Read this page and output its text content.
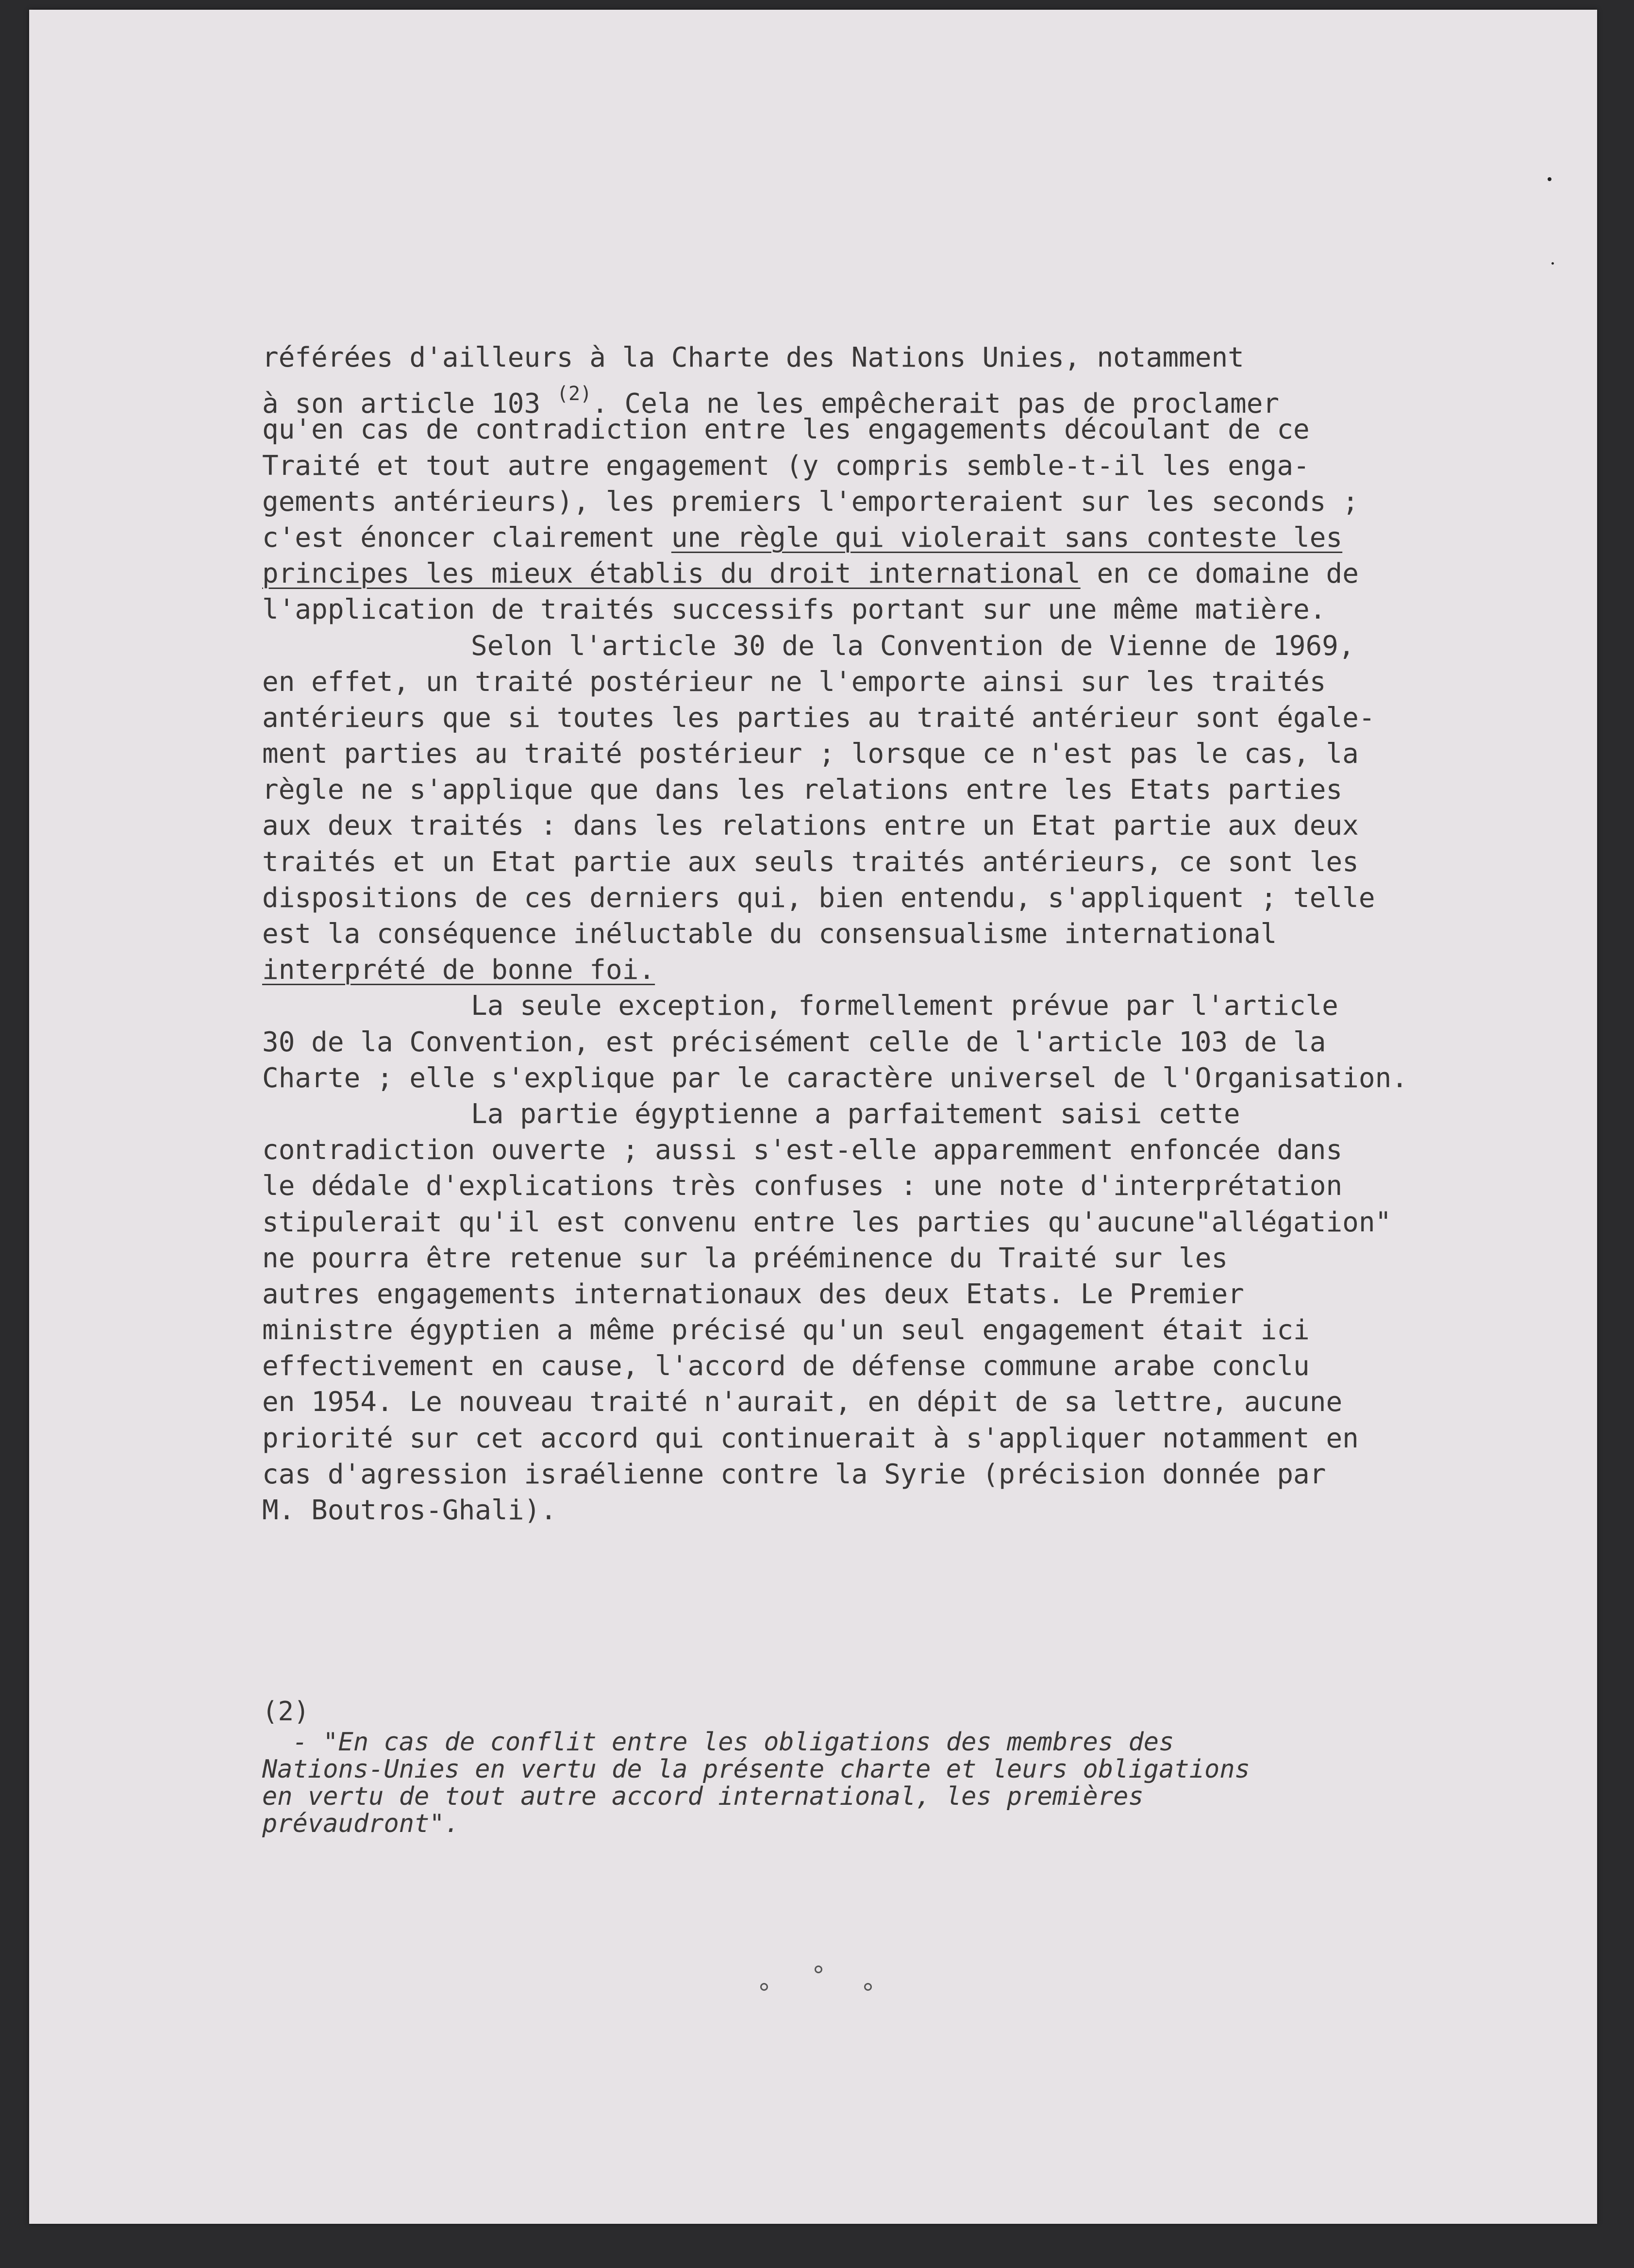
référées d'ailleurs à la Charte des Nations Unies, notamment
à son article 103 $^{(2)}$. Cela ne les empêcherait pas de proclamer
qu'en cas de contradiction entre les engagements découlant de ce
Traité et tout autre engagement (y compris semble-t-il les enga-
gements antérieurs), les premiers l'emporteraient sur les seconds ;
c'est énoncer clairement une règle qui violerait sans conteste les
principes les mieux établis du droit international en ce domaine de
l'application de traités successifs portant sur une même matière.
Selon l'article 30 de la Convention de Vienne de 1969,
en effet, un traité postérieur ne l'emporte ainsi sur les traités
antérieurs que si toutes les parties au traité antérieur sont égale-
ment parties au traité postérieur ; lorsque ce n'est pas le cas, la
règle ne s'applique que dans les relations entre les Etats parties
aux deux traités : dans les relations entre un Etat partie aux deux
traités et un Etat partie aux seuls traités antérieurs, ce sont les
dispositions de ces derniers qui, bien entendu, s'appliquent ; telle
est la conséquence inéluctable du consensualisme international
interprété de bonne foi.
La seule exception, formellement prévue par l'article
30 de la Convention, est précisément celle de l'article 103 de la
Charte ; elle s'explique par le caractère universel de l'Organisation.
La partie égyptienne a parfaitement saisi cette
contradiction ouverte ; aussi s'est-elle apparemment enfoncée dans
le dédale d'explications très confuses : une note d'interprétation
stipulerait qu'il est convenu entre les parties qu'aucune"allégation"
ne pourra être retenue sur la prééminence du Traité sur les
autres engagements internationaux des deux Etats. Le Premier
ministre égyptien a même précisé qu'un seul engagement était ici
effectivement en cause, l'accord de défense commune arabe conclu
en 1954. Le nouveau traité n'aurait, en dépit de sa lettre, aucune
priorité sur cet accord qui continuerait à s'appliquer notamment en
cas d'agression israélienne contre la Syrie (précision donnée par
M. Boutros-Ghali).
(2)
- "En cas de conflit entre les obligations des membres des
Nations-Unies en vertu de la présente charte et leurs obligations
en vertu de tout autre accord international, les premières
prévaudront".
